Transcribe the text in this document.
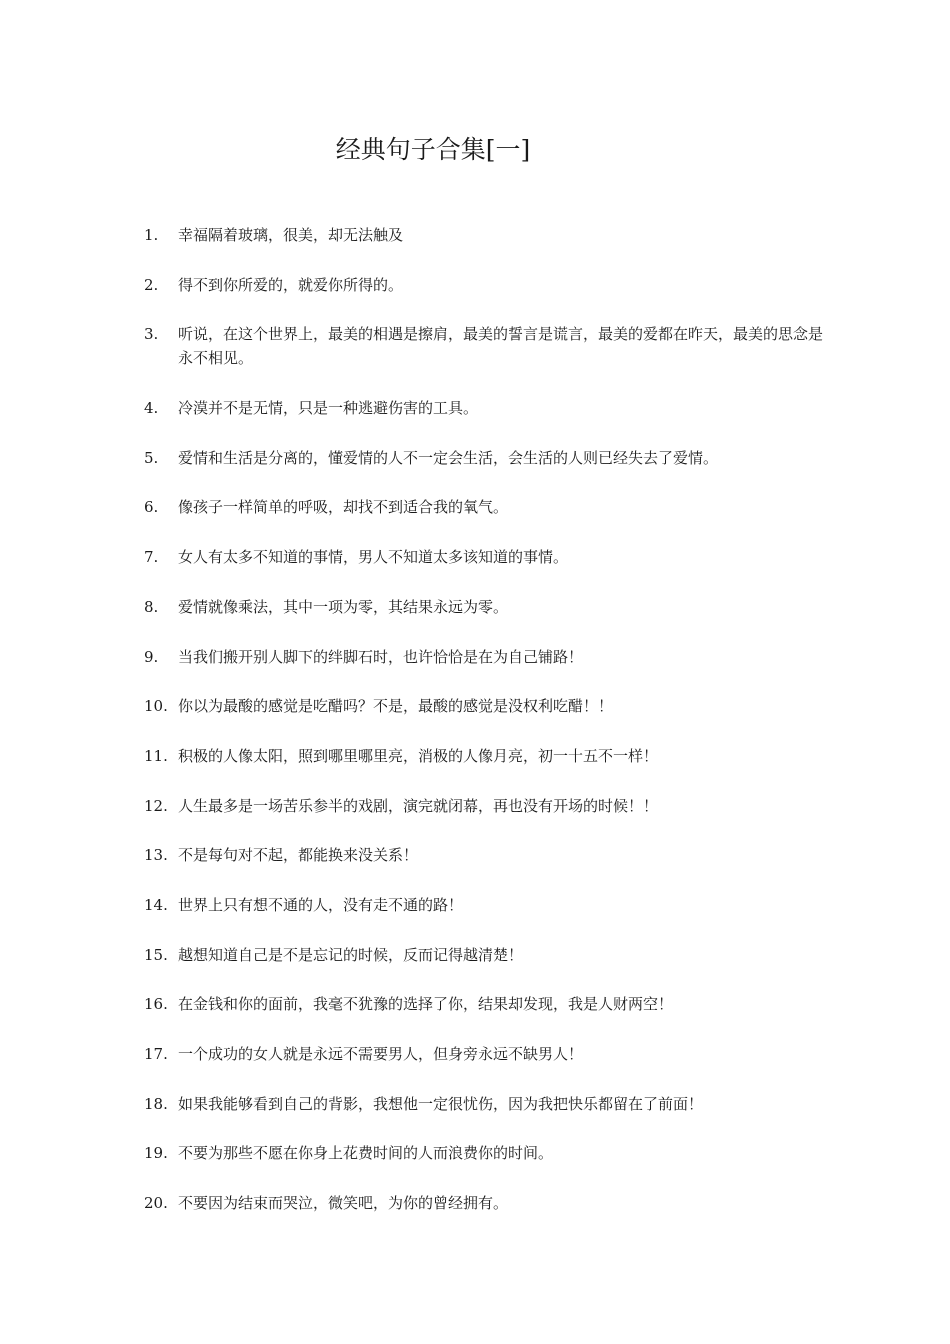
经典句子合集[一]
1.	幸福隔着玻璃，很美，却无法触及
2.	得不到你所爱的，就爱你所得的。
3.	听说，在这个世界上，最美的相遇是擦肩，最美的誓言是谎言，最美的爱都在昨天，最美的思念是永不相见。
4.	冷漠并不是无情，只是一种逃避伤害的工具。
5.	爱情和生活是分离的，懂爱情的人不一定会生活，会生活的人则已经失去了爱情。
6.	像孩子一样简单的呼吸，却找不到适合我的氧气。
7.	女人有太多不知道的事情，男人不知道太多该知道的事情。
8.	爱情就像乘法，其中一项为零，其结果永远为零。
9.	当我们搬开别人脚下的绊脚石时，也许恰恰是在为自己铺路！
10. 你以为最酸的感觉是吃醋吗？不是，最酸的感觉是没权利吃醋！！
11. 积极的人像太阳，照到哪里哪里亮，消极的人像月亮，初一十五不一样！
12. 人生最多是一场苦乐参半的戏剧，演完就闭幕，再也没有开场的时候！！
13. 不是每句对不起，都能换来没关系！
14. 世界上只有想不通的人，没有走不通的路！
15. 越想知道自己是不是忘记的时候，反而记得越清楚！
16. 在金钱和你的面前，我毫不犹豫的选择了你，结果却发现，我是人财两空！
17. 一个成功的女人就是永远不需要男人，但身旁永远不缺男人！
18. 如果我能够看到自己的背影，我想他一定很忧伤，因为我把快乐都留在了前面！
19. 不要为那些不愿在你身上花费时间的人而浪费你的时间。
20. 不要因为结束而哭泣，微笑吧，为你的曾经拥有。
